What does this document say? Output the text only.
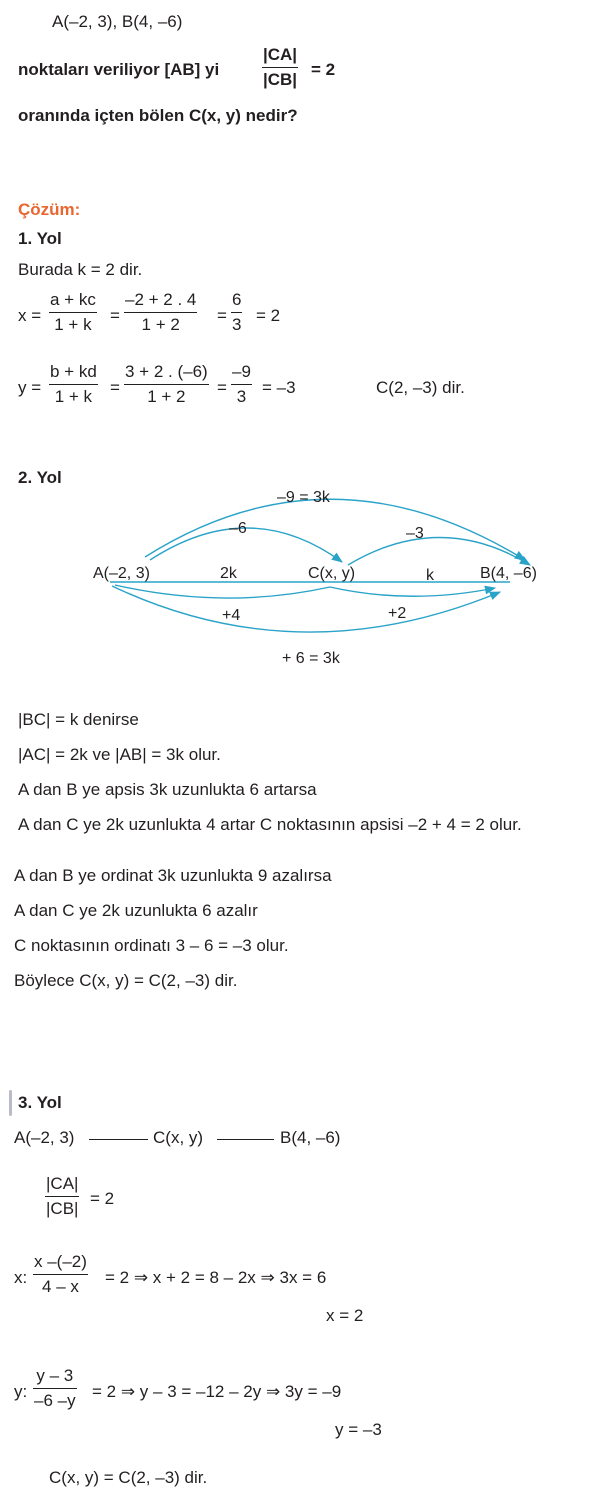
A(–2, 3), B(4, –6)
noktaları veriliyor [AB] yi
|CA|
|CB|
= 2
oranında içten bölen C(x, y) nedir?
Çözüm:
1. Yol
Burada k = 2 dir.
x =
a + kc
1 + k =
–2 + 2 . 4
1 + 2 =
6
3 = 2
y =
b + kd
1 + k =
3 + 2 . (–6)
1 + 2 =
–9
3 = –3	C(2, –3) dir.
2. Yol
A(–2, 3)	C(x, y)	B(4, –6)
2k	k
–9 = 3k
–6	–3
+4	+2
+ 6 = 3k
|BC| = k denirse
|AC| = 2k ve |AB| = 3k olur.
A dan B ye apsis 3k uzunlukta 6 artarsa
A dan C ye 2k uzunlukta 4 artar C noktasının apsisi –2 + 4 = 2 olur.
A dan B ye ordinat 3k uzunlukta 9 azalırsa
A dan C ye 2k uzunlukta 6 azalır
C noktasının ordinatı 3 – 6 = –3 olur.
Böylece C(x, y) = C(2, –3) dir.
3. Yol
A(–2, 3)	C(x, y)	B(4, –6)
|CA|
|CB|
= 2
x:
x –(–2)
4 – x = 2 ⇒ x + 2 = 8 – 2x ⇒ 3x = 6
x = 2
y:
y – 3
–6 –y = 2 ⇒ y – 3 = –12 – 2y ⇒ 3y = –9
y = –3
C(x, y) = C(2, –3) dir.
